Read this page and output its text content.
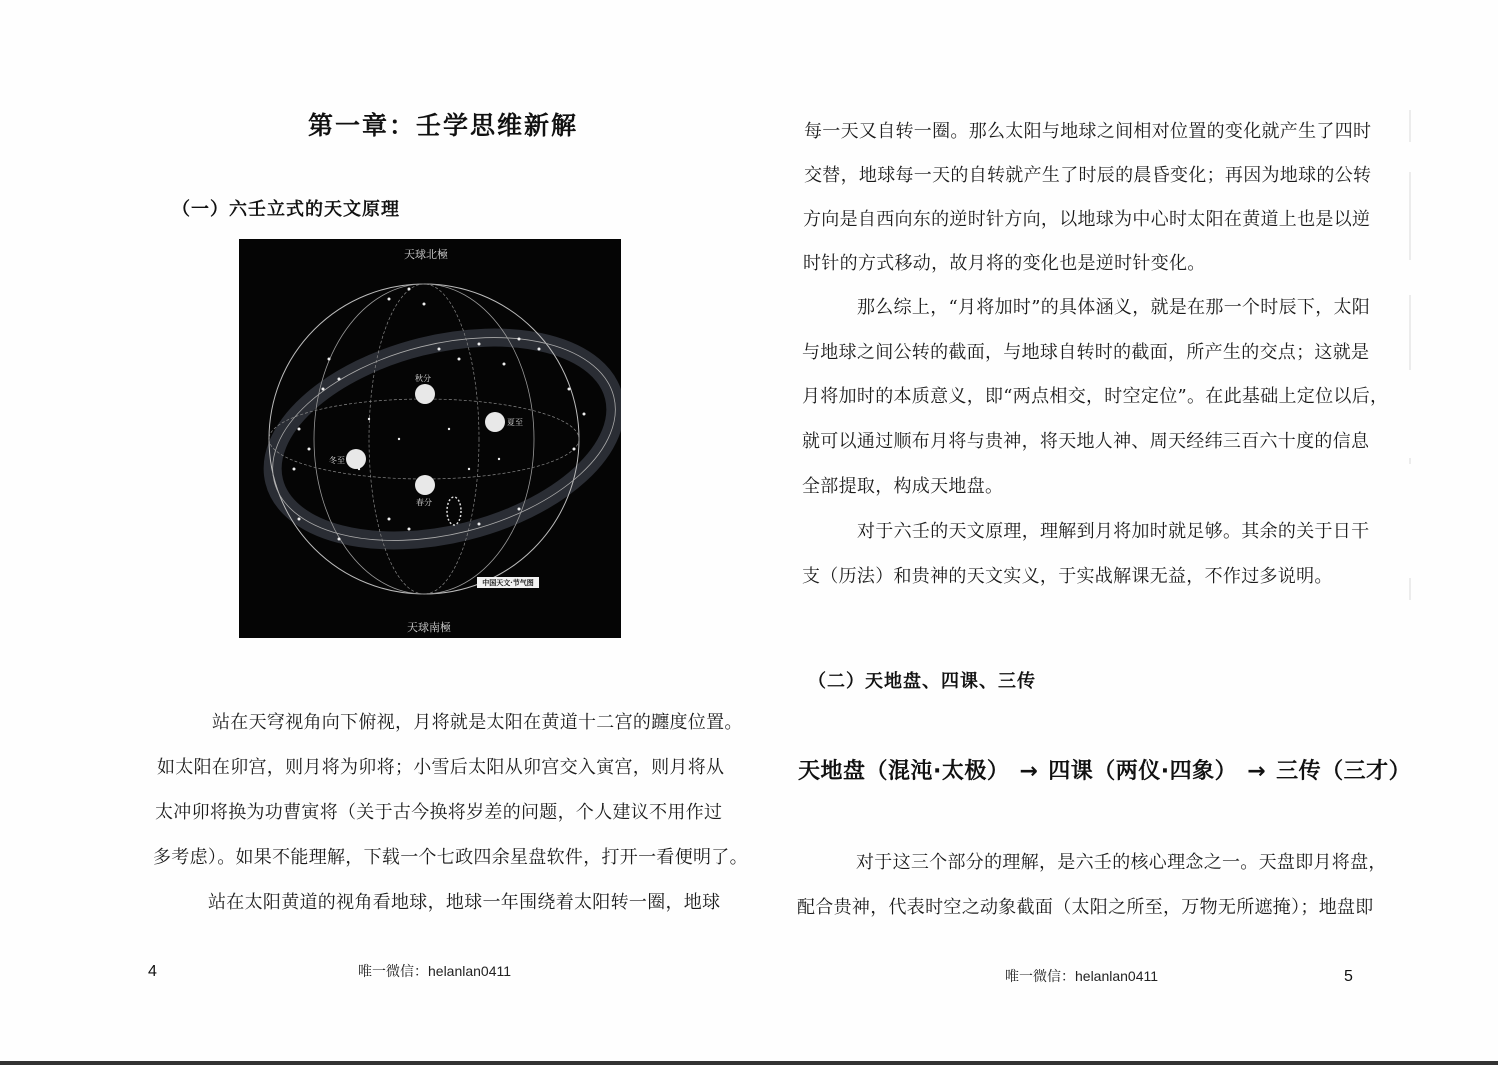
第一章：壬学思维新解
（一）六壬立式的天文原理
天球北極
天球南極
秋分
夏至
冬至
春分
中国天文·节气图
站在天穹视角向下俯视，月将就是太阳在黄道十二宫的躔度位置。
如太阳在卯宫，则月将为卯将；小雪后太阳从卯宫交入寅宫，则月将从
太冲卯将换为功曹寅将（关于古今换将岁差的问题，个人建议不用作过
多考虑）。如果不能理解，下载一个七政四余星盘软件，打开一看便明了。
站在太阳黄道的视角看地球，地球一年围绕着太阳转一圈，地球
4	唯一微信：helanlan0411
每一天又自转一圈。那么太阳与地球之间相对位置的变化就产生了四时
交替，地球每一天的自转就产生了时辰的晨昏变化；再因为地球的公转
方向是自西向东的逆时针方向，以地球为中心时太阳在黄道上也是以逆
时针的方式移动，故月将的变化也是逆时针变化。
那么综上，“月将加时”的具体涵义，就是在那一个时辰下，太阳
与地球之间公转的截面，与地球自转时的截面，所产生的交点；这就是
月将加时的本质意义，即“两点相交，时空定位”。在此基础上定位以后，
就可以通过顺布月将与贵神，将天地人神、周天经纬三百六十度的信息
全部提取，构成天地盘。
对于六壬的天文原理，理解到月将加时就足够。其余的关于日干
支（历法）和贵神的天文实义，于实战解课无益，不作过多说明。
（二）天地盘、四课、三传
天地盘（混沌·太极） → 四课（两仪·四象） → 三传（三才）
对于这三个部分的理解，是六壬的核心理念之一。天盘即月将盘，
配合贵神，代表时空之动象截面（太阳之所至，万物无所遮掩）；地盘即
唯一微信：helanlan0411	5
